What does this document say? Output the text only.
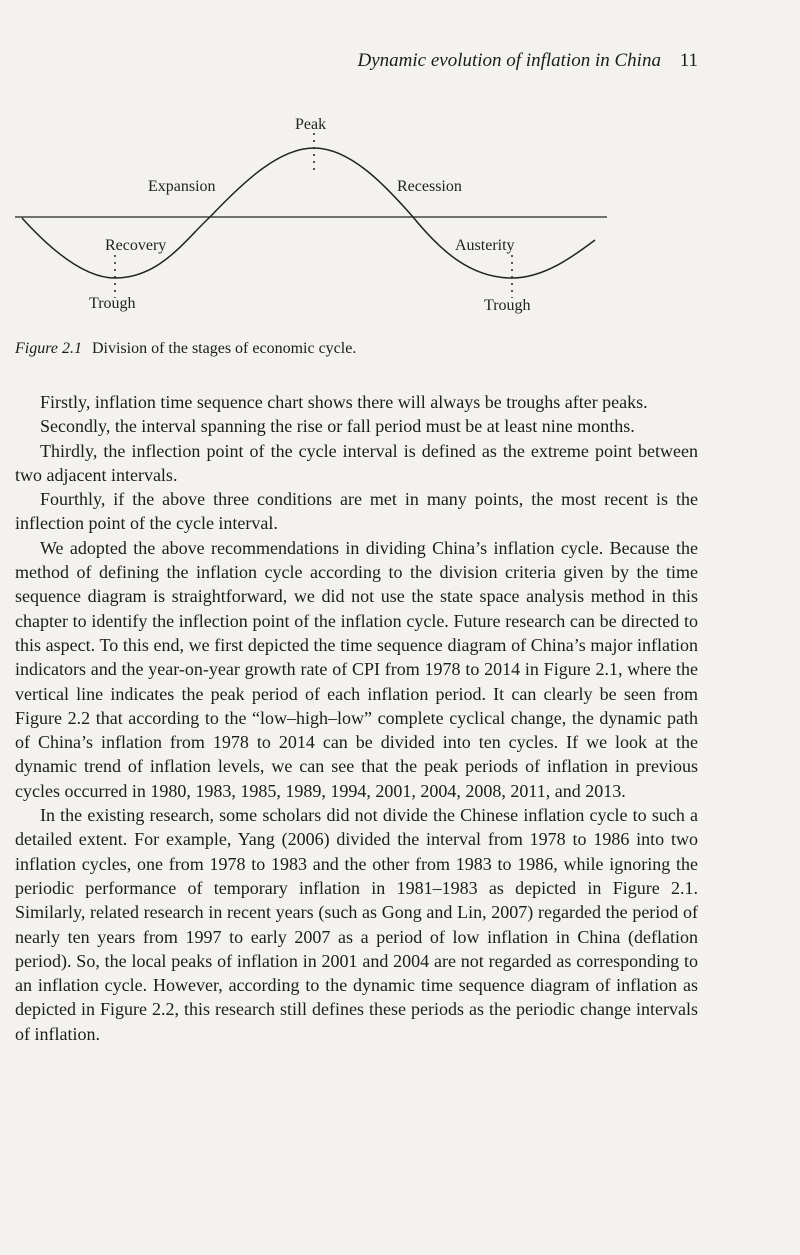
Dynamic evolution of inflation in China 11
Peak
Expansion	Recession
Recovery	Austerity
Trough	Trough
Figure 2.1 Division of the stages of economic cycle.

Firstly, inflation time sequence chart shows there will always be troughs after peaks.

Secondly, the interval spanning the rise or fall period must be at least nine months.

Thirdly, the inflection point of the cycle interval is defined as the extreme point between two adjacent intervals.

Fourthly, if the above three conditions are met in many points, the most recent is the inflection point of the cycle interval.

We adopted the above recommendations in dividing China’s inflation cycle. Because the method of defining the inflation cycle according to the division criteria given by the time sequence diagram is straightforward, we did not use the state space analysis method in this chapter to identify the inflection point of the inflation cycle. Future research can be directed to this aspect. To this end, we first depicted the time sequence diagram of China’s major inflation indicators and the year-on-year growth rate of CPI from 1978 to 2014 in Figure 2.1, where the vertical line indicates the peak period of each inflation period. It can clearly be seen from Figure 2.2 that according to the “low–high–low” complete cyclical change, the dynamic path of China’s inflation from 1978 to 2014 can be divided into ten cycles. If we look at the dynamic trend of inflation levels, we can see that the peak periods of inflation in previous cycles occurred in 1980, 1983, 1985, 1989, 1994, 2001, 2004, 2008, 2011, and 2013.

In the existing research, some scholars did not divide the Chinese inflation cycle to such a detailed extent. For example, Yang (2006) divided the interval from 1978 to 1986 into two inflation cycles, one from 1978 to 1983 and the other from 1983 to 1986, while ignoring the periodic performance of temporary inflation in 1981–1983 as depicted in Figure 2.1. Similarly, related research in recent years (such as Gong and Lin, 2007) regarded the period of nearly ten years from 1997 to early 2007 as a period of low inflation in China (deflation period). So, the local peaks of inflation in 2001 and 2004 are not regarded as corresponding to an inflation cycle. However, according to the dynamic time sequence diagram of inflation as depicted in Figure 2.2, this research still defines these periods as the periodic change intervals of inflation.
